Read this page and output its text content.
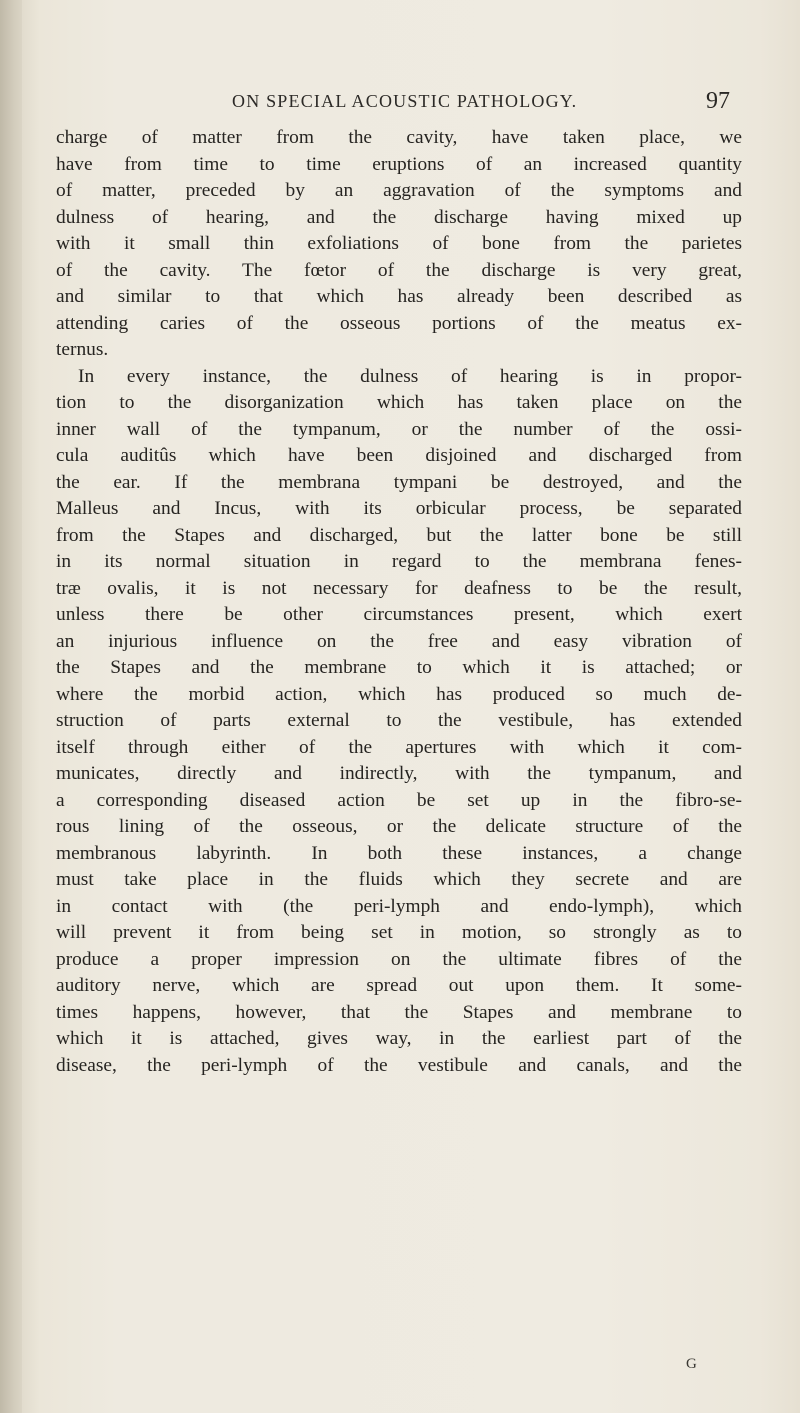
ON SPECIAL ACOUSTIC PATHOLOGY.	97
charge of matter from the cavity, have taken place, we
have from time to time eruptions of an increased quantity
of matter, preceded by an aggravation of the symptoms and
dulness of hearing, and the discharge having mixed up
with it small thin exfoliations of bone from the parietes
of the cavity. The fœtor of the discharge is very great,
and similar to that which has already been described as
attending caries of the osseous portions of the meatus ex-
ternus.
In every instance, the dulness of hearing is in propor-
tion to the disorganization which has taken place on the
inner wall of the tympanum, or the number of the ossi-
cula auditûs which have been disjoined and discharged from
the ear. If the membrana tympani be destroyed, and the
Malleus and Incus, with its orbicular process, be separated
from the Stapes and discharged, but the latter bone be still
in its normal situation in regard to the membrana fenes-
træ ovalis, it is not necessary for deafness to be the result,
unless there be other circumstances present, which exert
an injurious influence on the free and easy vibration of
the Stapes and the membrane to which it is attached; or
where the morbid action, which has produced so much de-
struction of parts external to the vestibule, has extended
itself through either of the apertures with which it com-
municates, directly and indirectly, with the tympanum, and
a corresponding diseased action be set up in the fibro-se-
rous lining of the osseous, or the delicate structure of the
membranous labyrinth. In both these instances, a change
must take place in the fluids which they secrete and are
in contact with (the peri-lymph and endo-lymph), which
will prevent it from being set in motion, so strongly as to
produce a proper impression on the ultimate fibres of the
auditory nerve, which are spread out upon them. It some-
times happens, however, that the Stapes and membrane to
which it is attached, gives way, in the earliest part of the
disease, the peri-lymph of the vestibule and canals, and the
G
